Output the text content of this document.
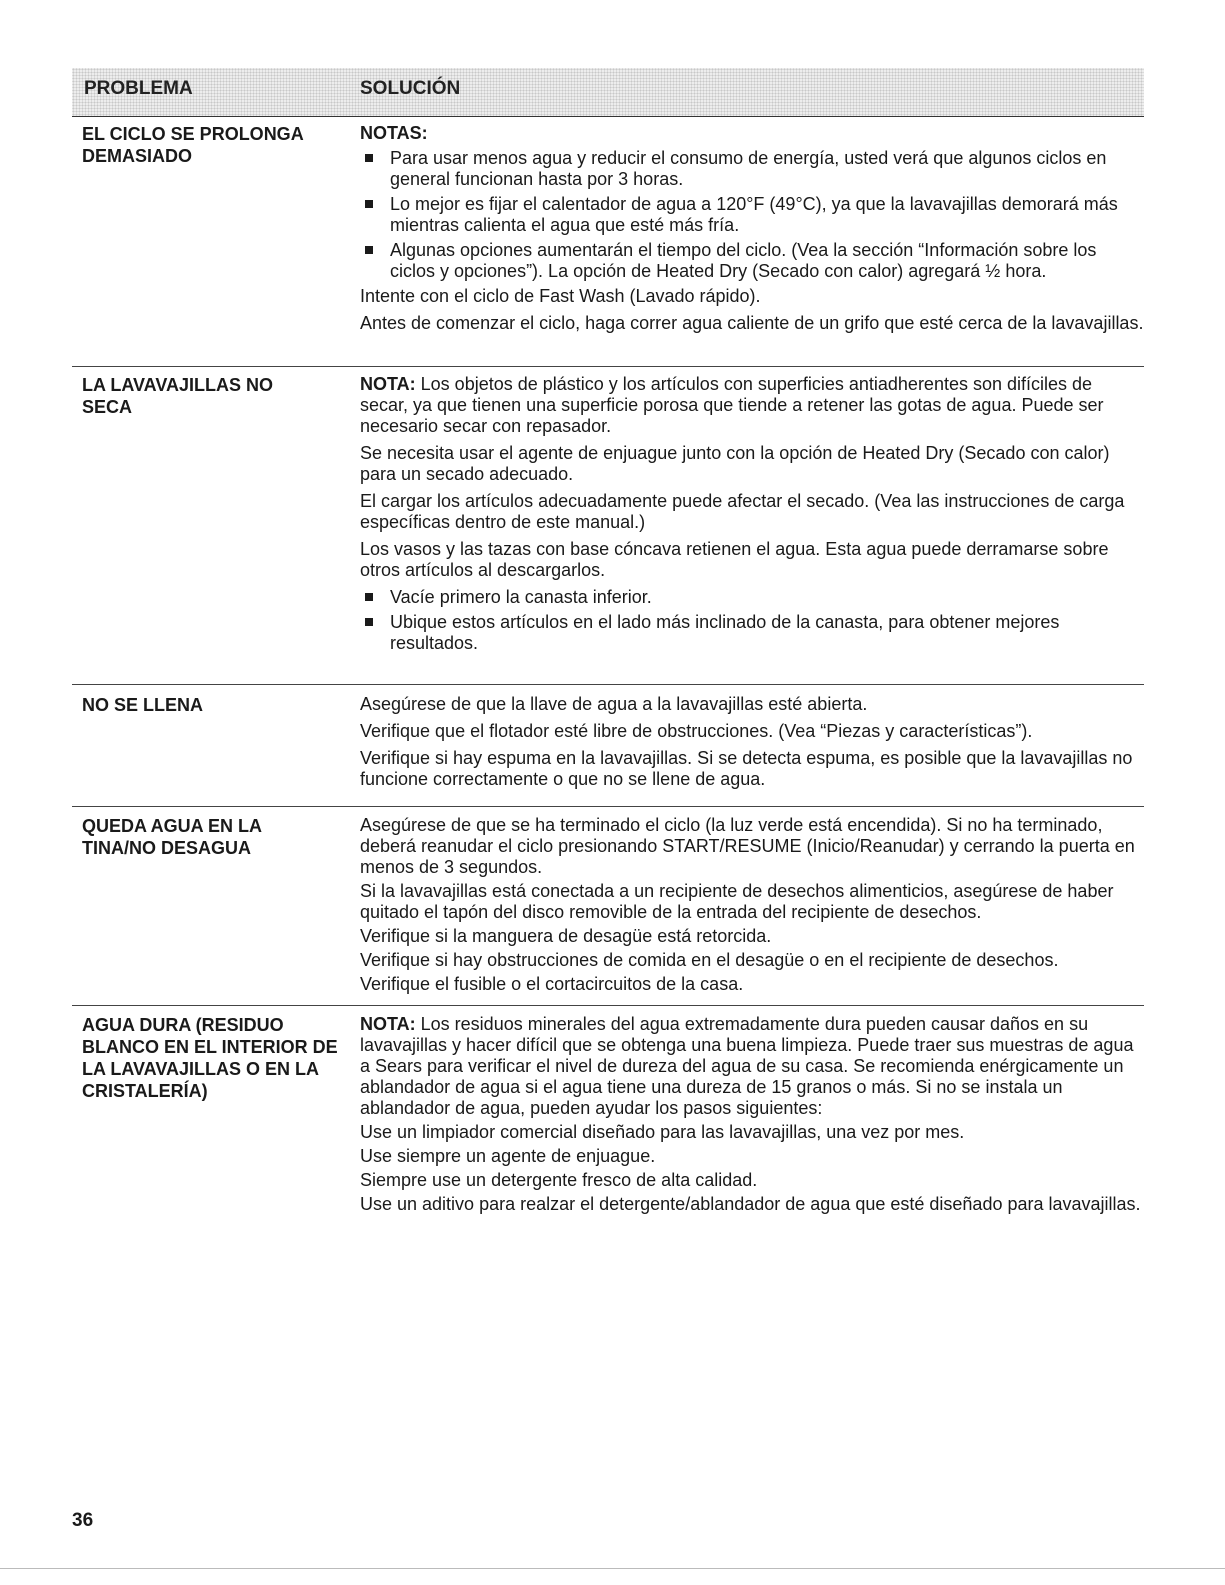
PROBLEMA	SOLUCIÓN
EL CICLO SE PROLONGA DEMASIADO
NOTAS:
Para usar menos agua y reducir el consumo de energía, usted verá que algunos ciclos en general funcionan hasta por 3 horas.
Lo mejor es fijar el calentador de agua a 120°F (49°C), ya que la lavavajillas demorará más mientras calienta el agua que esté más fría.
Algunas opciones aumentarán el tiempo del ciclo. (Vea la sección “Información sobre los ciclos y opciones”). La opción de Heated Dry (Secado con calor) agregará ½ hora.
Intente con el ciclo de Fast Wash (Lavado rápido).
Antes de comenzar el ciclo, haga correr agua caliente de un grifo que esté cerca de la lavavajillas.
LA LAVAVAJILLAS NO SECA
NOTA: Los objetos de plástico y los artículos con superficies antiadherentes son difíciles de secar, ya que tienen una superficie porosa que tiende a retener las gotas de agua. Puede ser necesario secar con repasador.
Se necesita usar el agente de enjuague junto con la opción de Heated Dry (Secado con calor) para un secado adecuado.
El cargar los artículos adecuadamente puede afectar el secado. (Vea las instrucciones de carga específicas dentro de este manual.)
Los vasos y las tazas con base cóncava retienen el agua. Esta agua puede derramarse sobre otros artículos al descargarlos.
Vacíe primero la canasta inferior.
Ubique estos artículos en el lado más inclinado de la canasta, para obtener mejores resultados.
NO SE LLENA	Asegúrese de que la llave de agua a la lavavajillas esté abierta.
Verifique que el flotador esté libre de obstrucciones. (Vea “Piezas y características”).
Verifique si hay espuma en la lavavajillas. Si se detecta espuma, es posible que la lavavajillas no funcione correctamente o que no se llene de agua.
QUEDA AGUA EN LA TINA/NO DESAGUA
Asegúrese de que se ha terminado el ciclo (la luz verde está encendida). Si no ha terminado, deberá reanudar el ciclo presionando START/RESUME (Inicio/Reanudar) y cerrando la puerta en menos de 3 segundos.
Si la lavavajillas está conectada a un recipiente de desechos alimenticios, asegúrese de haber quitado el tapón del disco removible de la entrada del recipiente de desechos.
Verifique si la manguera de desagüe está retorcida.
Verifique si hay obstrucciones de comida en el desagüe o en el recipiente de desechos.
Verifique el fusible o el cortacircuitos de la casa.
AGUA DURA (RESIDUO BLANCO EN EL INTERIOR DE LA LAVAVAJILLAS O EN LA CRISTALERÍA)
NOTA: Los residuos minerales del agua extremadamente dura pueden causar daños en su lavavajillas y hacer difícil que se obtenga una buena limpieza. Puede traer sus muestras de agua a Sears para verificar el nivel de dureza del agua de su casa. Se recomienda enérgicamente un ablandador de agua si el agua tiene una dureza de 15 granos o más. Si no se instala un ablandador de agua, pueden ayudar los pasos siguientes:
Use un limpiador comercial diseñado para las lavavajillas, una vez por mes.
Use siempre un agente de enjuague.
Siempre use un detergente fresco de alta calidad.
Use un aditivo para realzar el detergente/ablandador de agua que esté diseñado para lavavajillas.
36
